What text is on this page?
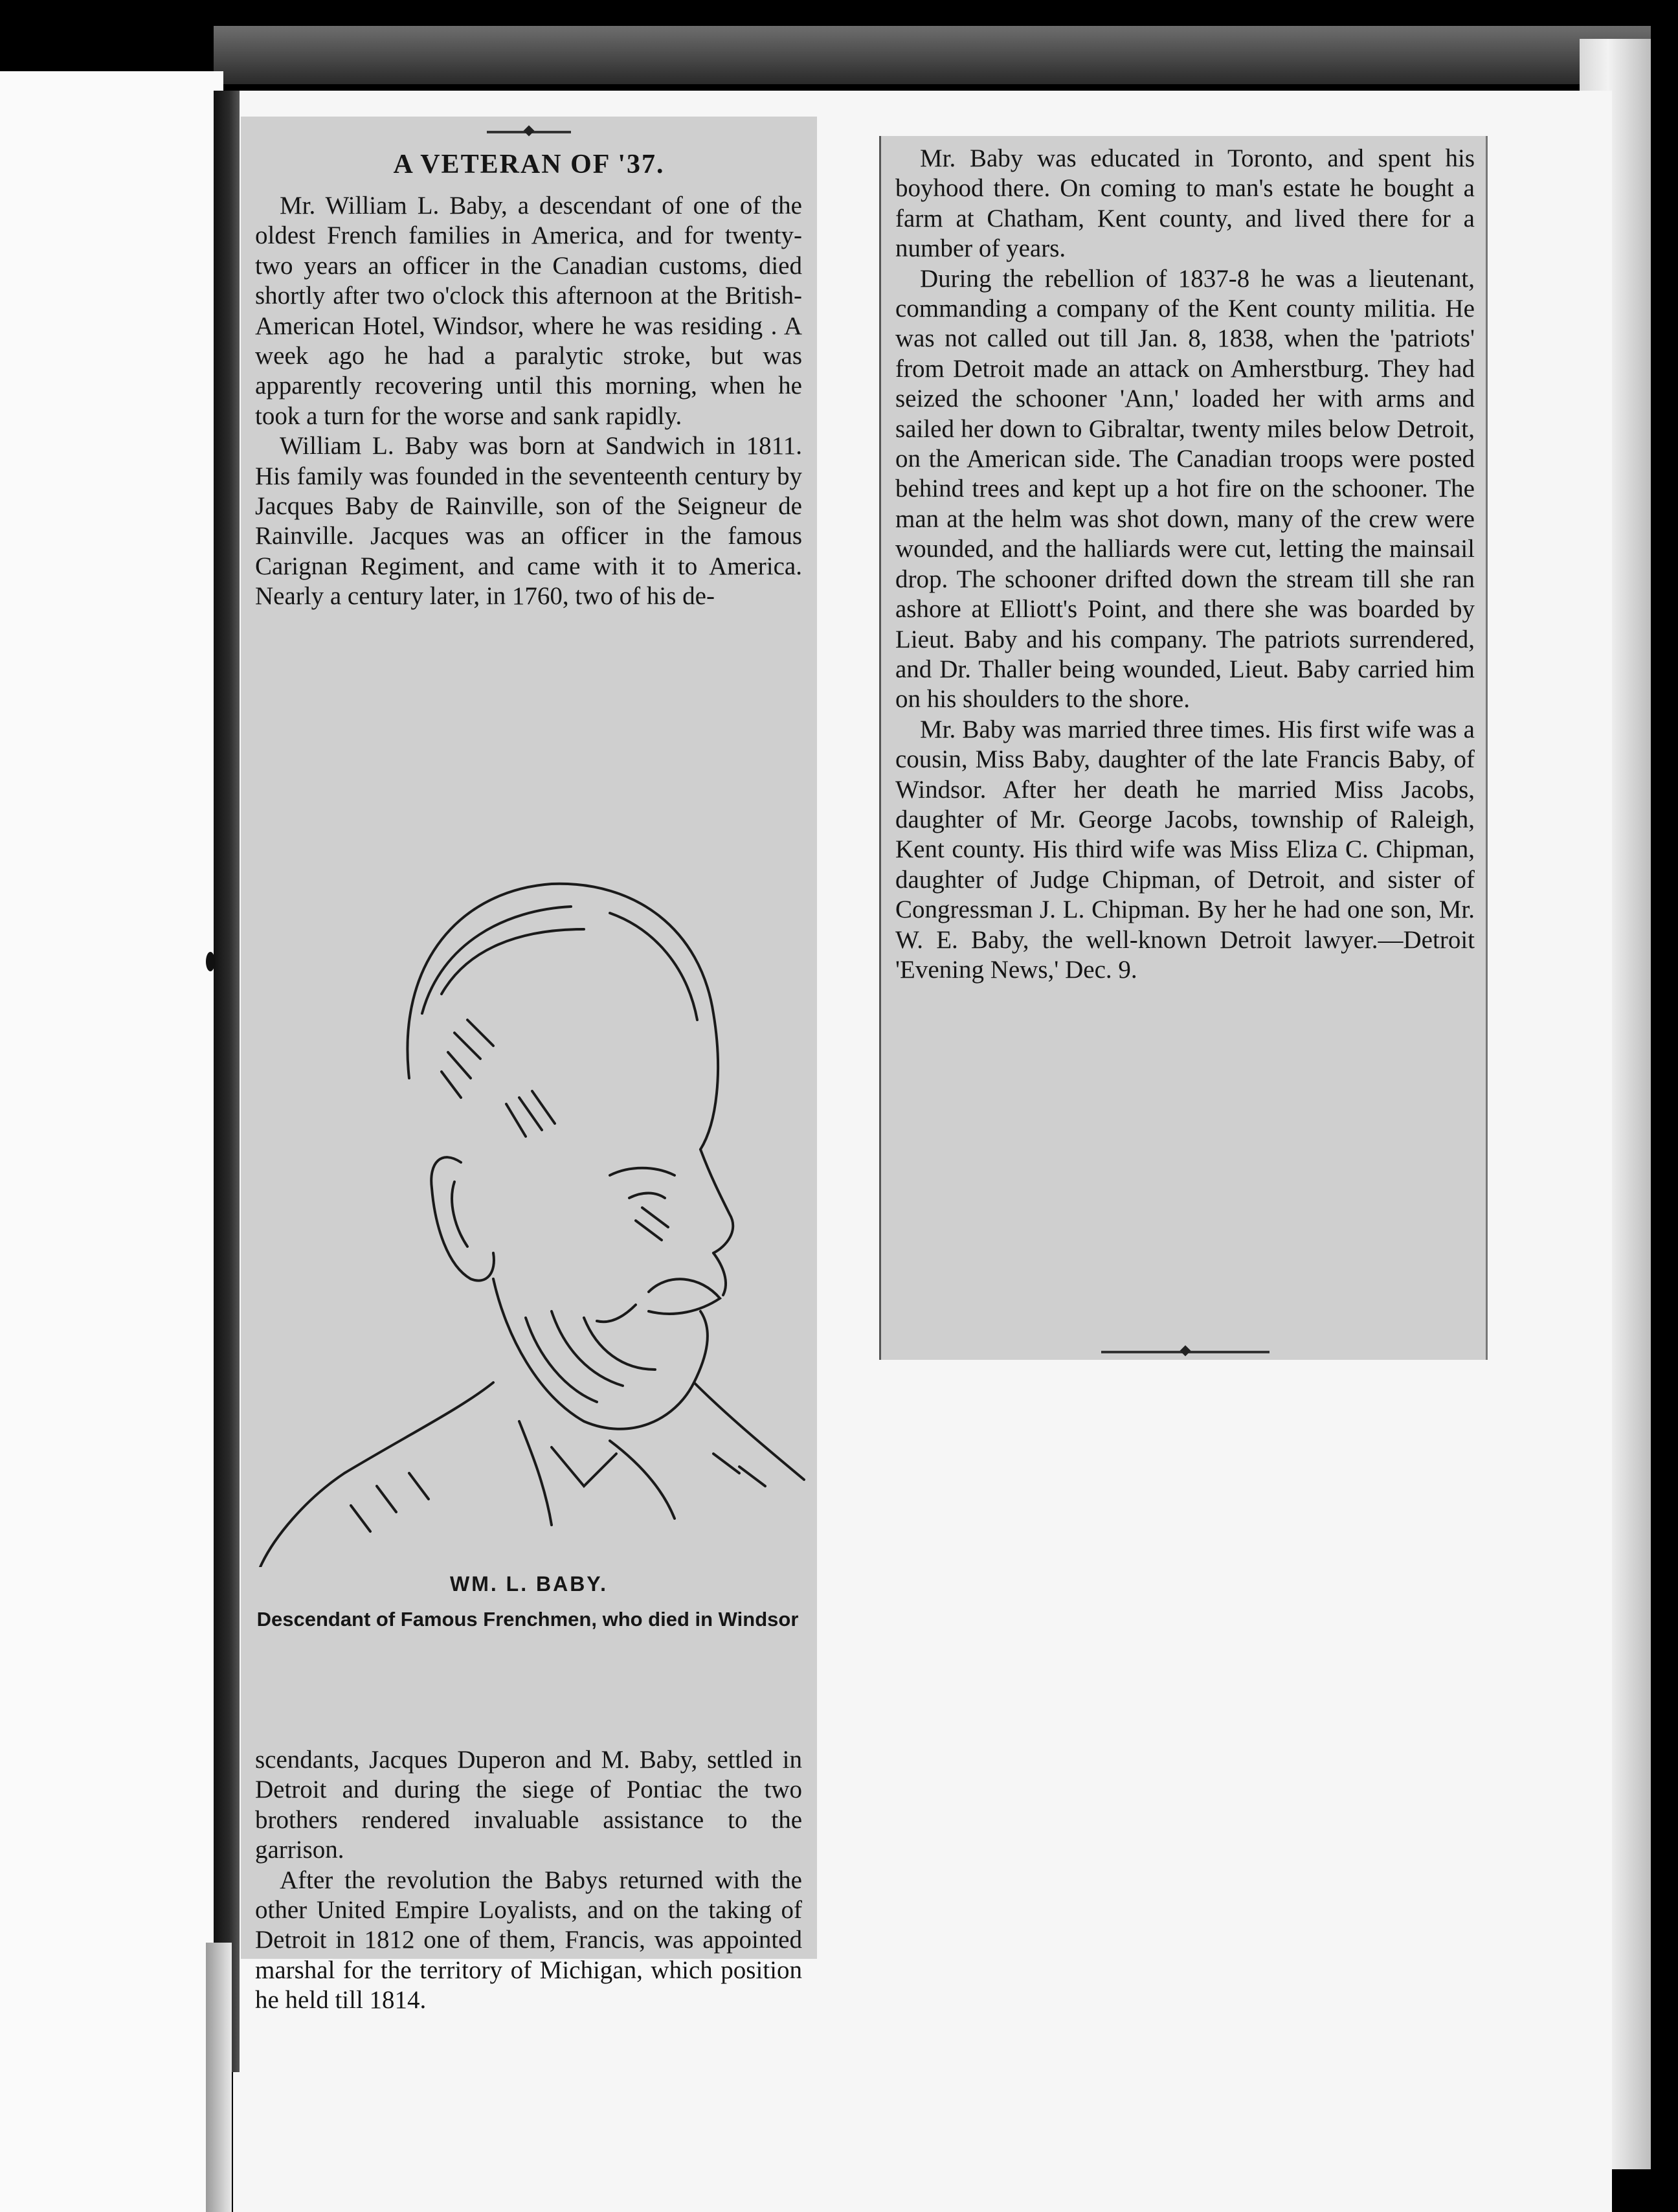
A VETERAN OF '37.

Mr. William L. Baby, a descendant of one of the oldest French families in America, and for twenty-two years an officer in the Canadian customs, died shortly after two o'clock this afternoon at the British-American Hotel, Windsor, where he was residing . A week ago he had a paralytic stroke, but was apparently recovering until this morning, when he took a turn for the worse and sank rapidly.

William L. Baby was born at Sandwich in 1811. His family was founded in the seventeenth century by Jacques Baby de Rainville, son of the Seigneur de Rainville. Jacques was an officer in the famous Carignan Regiment, and came with it to America. Nearly a century later, in 1760, two of his de-

WM. L. BABY.
Descendant of Famous Frenchmen, who died in Windsor

scendants, Jacques Duperon and M. Baby, settled in Detroit and during the siege of Pontiac the two brothers rendered invaluable assistance to the garrison.

After the revolution the Babys returned with the other United Empire Loyalists, and on the taking of Detroit in 1812 one of them, Francis, was appointed marshal for the territory of Michigan, which position he held till 1814.

Mr. Baby was educated in Toronto, and spent his boyhood there. On coming to man's estate he bought a farm at Chatham, Kent county, and lived there for a number of years.

During the rebellion of 1837-8 he was a lieutenant, commanding a company of the Kent county militia. He was not called out till Jan. 8, 1838, when the 'patriots' from Detroit made an attack on Amherstburg. They had seized the schooner 'Ann,' loaded her with arms and sailed her down to Gibraltar, twenty miles below Detroit, on the American side. The Canadian troops were posted behind trees and kept up a hot fire on the schooner. The man at the helm was shot down, many of the crew were wounded, and the halliards were cut, letting the mainsail drop. The schooner drifted down the stream till she ran ashore at Elliott's Point, and there she was boarded by Lieut. Baby and his company. The patriots surrendered, and Dr. Thaller being wounded, Lieut. Baby carried him on his shoulders to the shore.

Mr. Baby was married three times. His first wife was a cousin, Miss Baby, daughter of the late Francis Baby, of Windsor. After her death he married Miss Jacobs, daughter of Mr. George Jacobs, township of Raleigh, Kent county. His third wife was Miss Eliza C. Chipman, daughter of Judge Chipman, of Detroit, and sister of Congressman J. L. Chipman. By her he had one son, Mr. W. E. Baby, the well-known Detroit lawyer.—Detroit 'Evening News,' Dec. 9.
